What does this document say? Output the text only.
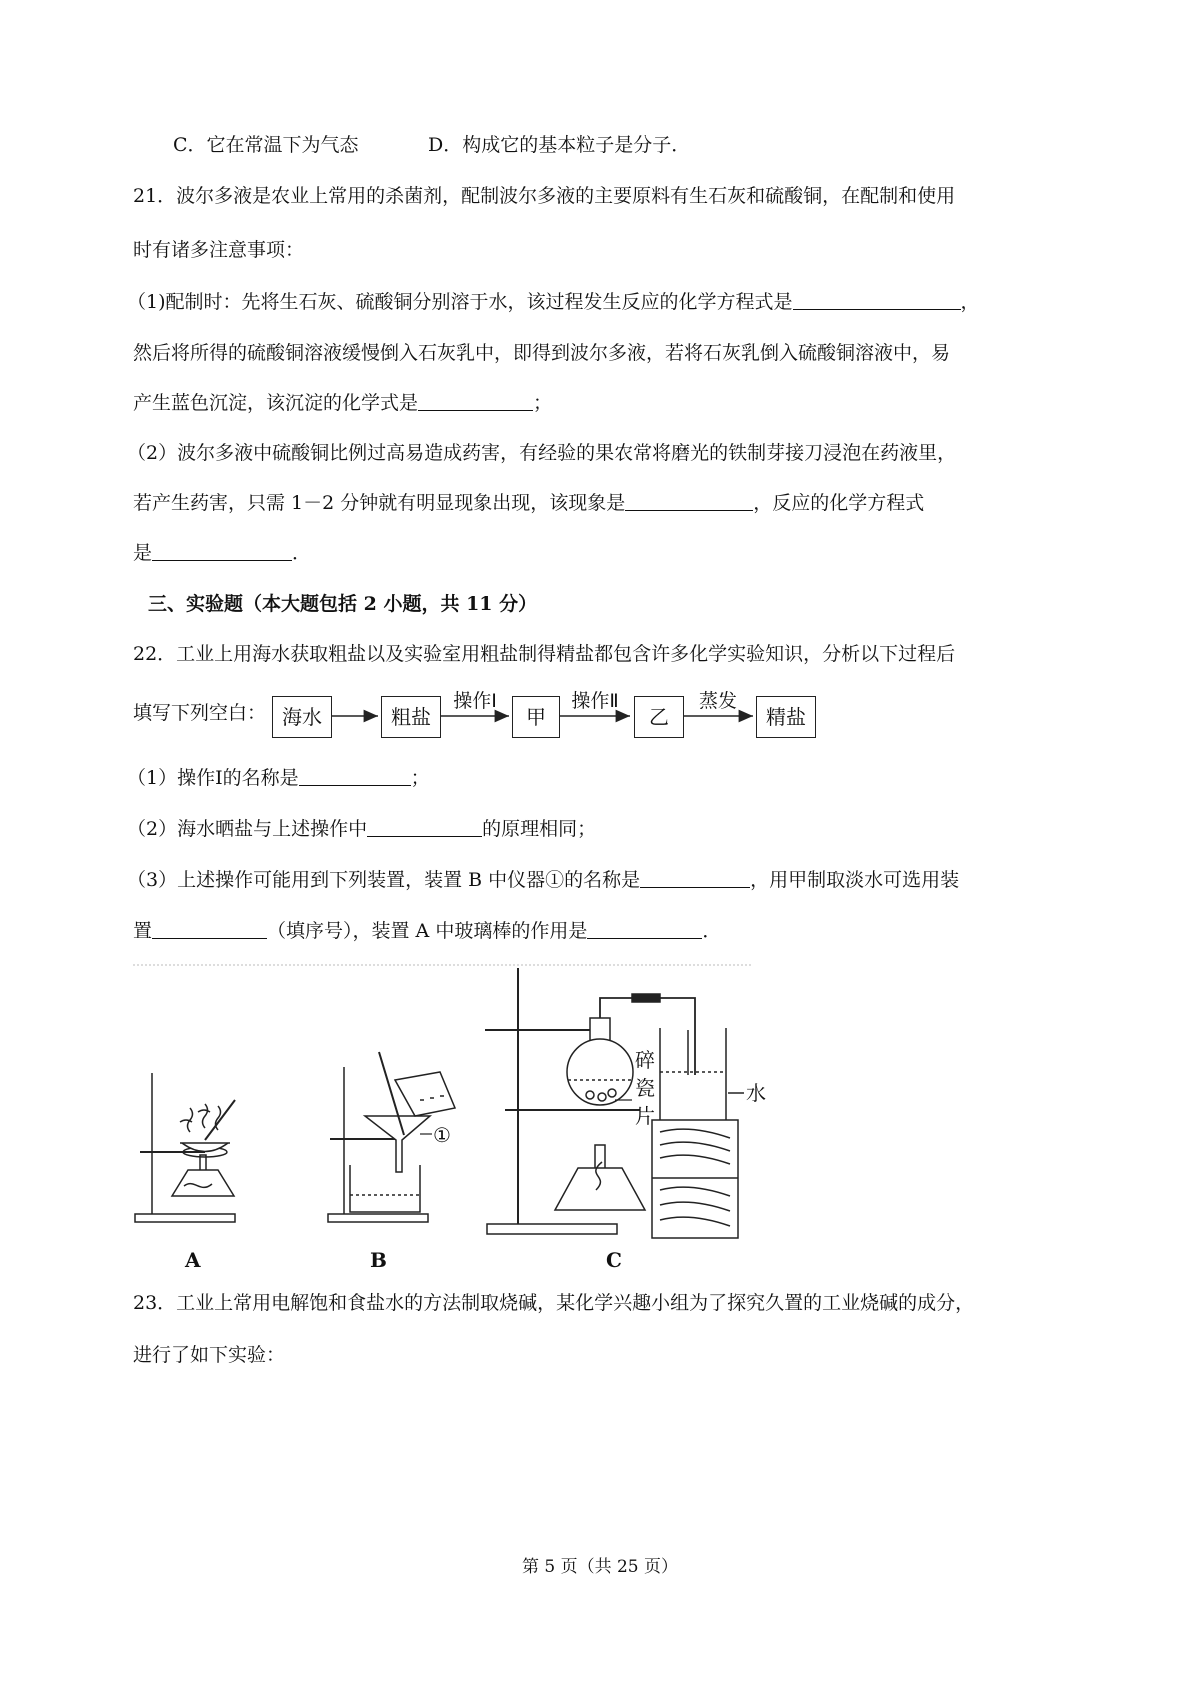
C．它在常温下为气态	D．构成它的基本粒子是分子．
21．波尔多液是农业上常用的杀菌剂，配制波尔多液的主要原料有生石灰和硫酸铜，在配制和使用
时有诸多注意事项：
（1)配制时：先将生石灰、硫酸铜分别溶于水，该过程发生反应的化学方程式是	，
然后将所得的硫酸铜溶液缓慢倒入石灰乳中，即得到波尔多液，若将石灰乳倒入硫酸铜溶液中，易
产生蓝色沉淀，该沉淀的化学式是	；
（2）波尔多液中硫酸铜比例过高易造成药害，有经验的果农常将磨光的铁制芽接刀浸泡在药液里，
若产生药害，只需 1－2 分钟就有明显现象出现，该现象是	，反应的化学方程式
是	．
三、实验题（本大题包括 2 小题，共 11 分）
22．工业上用海水获取粗盐以及实验室用粗盐制得精盐都包含许多化学实验知识，分析以下过程后
填写下列空白： 海水	粗盐
操作Ⅰ
甲
操作Ⅱ
乙
蒸发
精盐
（1）操作Ⅰ的名称是	；
（2）海水晒盐与上述操作中	的原理相同；
（3）上述操作可能用到下列装置，装置 B 中仪器①的名称是	，用甲制取淡水可选用装
置	（填序号），装置 A 中玻璃棒的作用是	．
A	B	C
①
碎
瓷
片
水
23．工业上常用电解饱和食盐水的方法制取烧碱，某化学兴趣小组为了探究久置的工业烧碱的成分，
进行了如下实验：
第 5 页（共 25 页）
